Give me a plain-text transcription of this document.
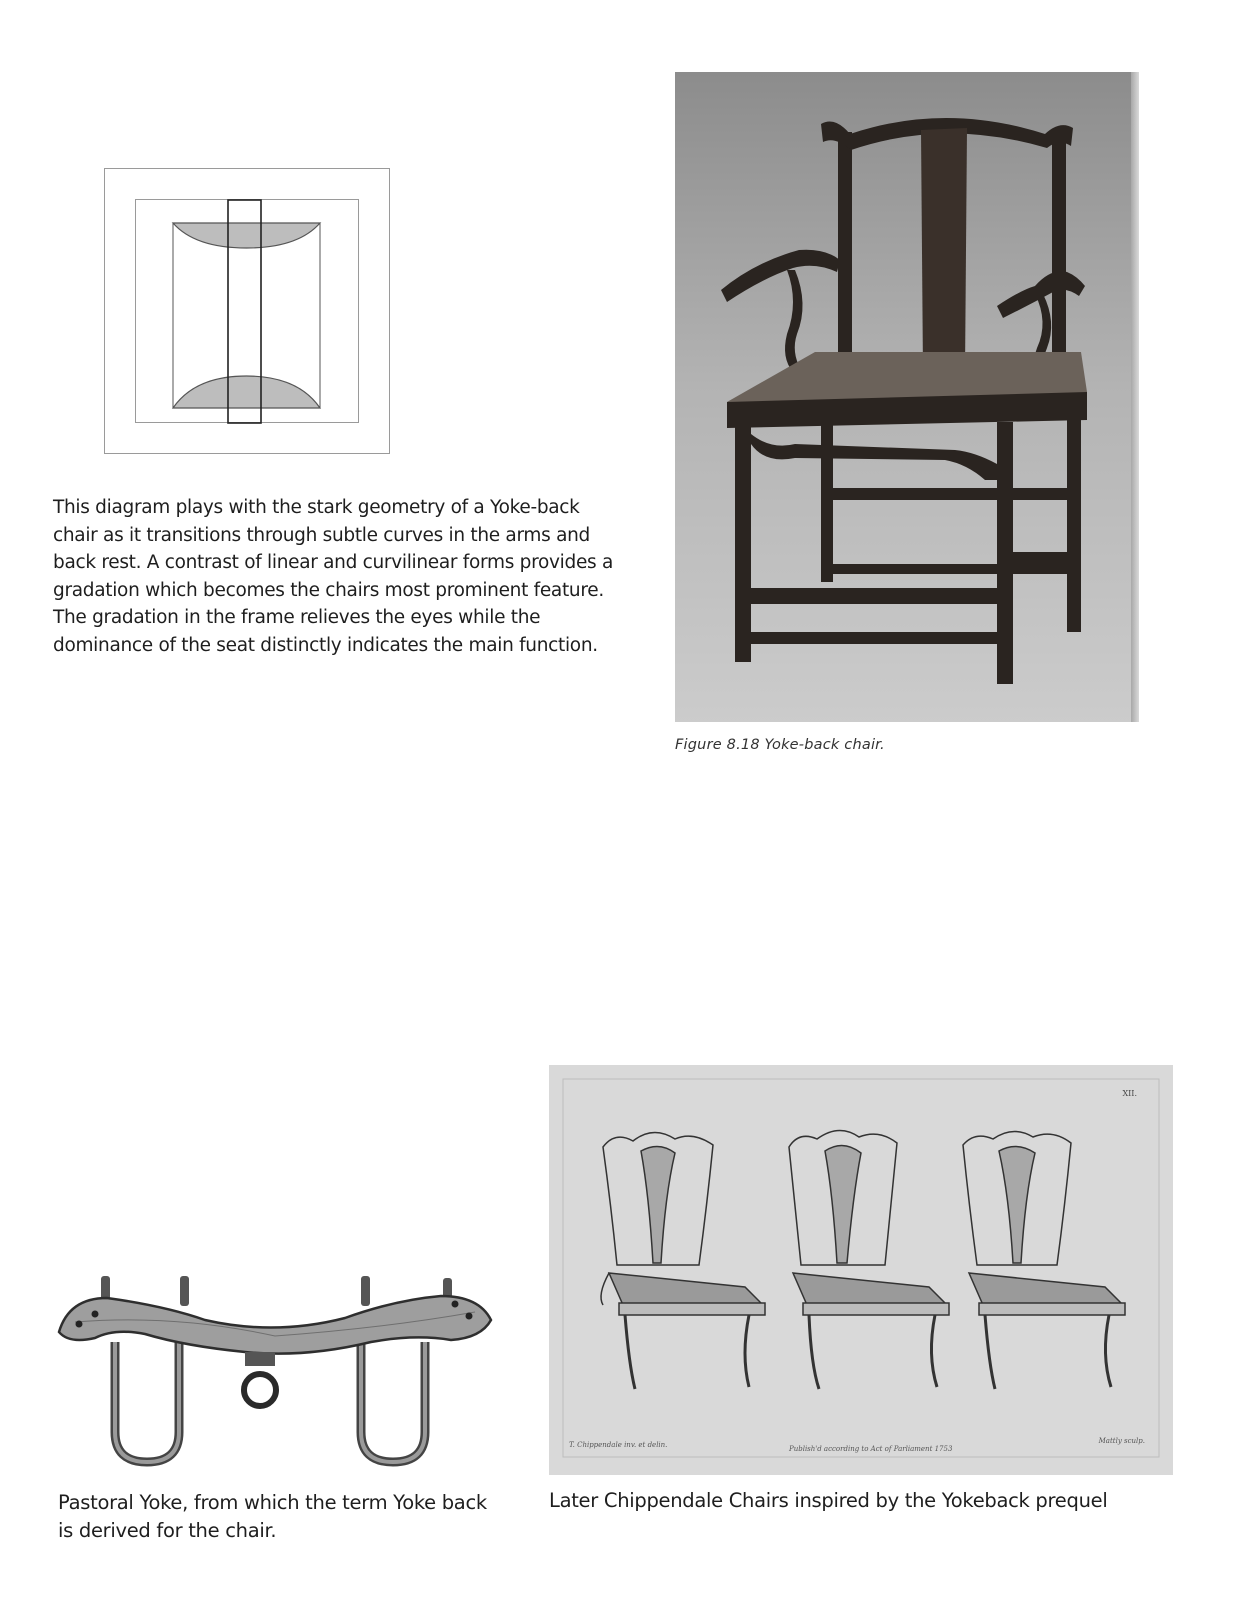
This diagram plays with the stark geometry of a Yoke-back chair as it transitions through subtle curves in the arms and back rest. A contrast of linear and curvilinear forms provides a gradation which becomes the chairs most prominent feature. The gradation in the frame relieves the eyes while the dominance of the seat distinctly indicates the main function.
Figure 8.18 Yoke-back chair.
Pastoral Yoke, from which the term Yoke back is derived for the chair.
XII.
T. Chippendale inv. et delin.	Publish'd according to Act of Parliament 1753
Mattly sculp.
Later Chippendale Chairs inspired by the Yokeback prequel
